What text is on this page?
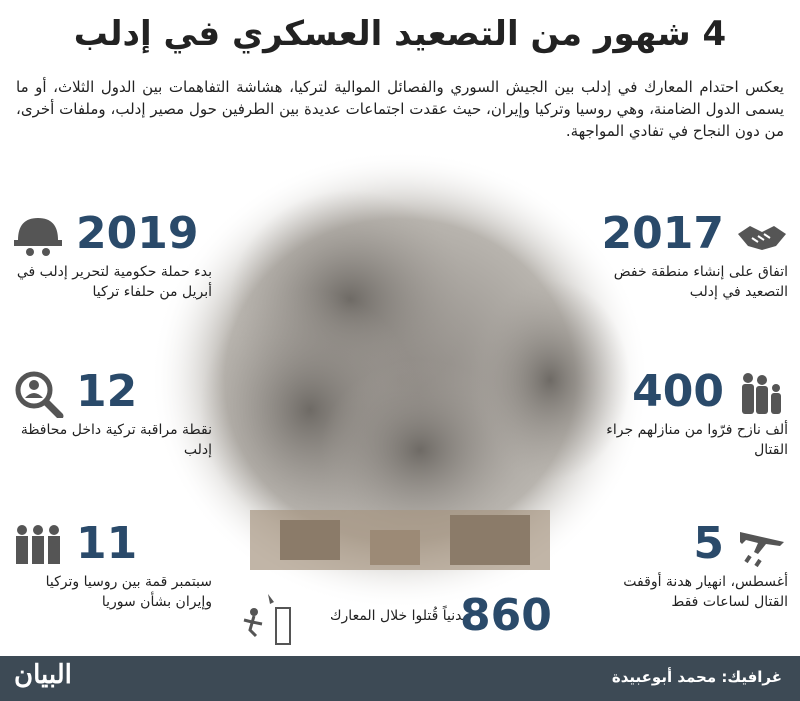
4 شهور من التصعيد العسكري في إدلب

يعكس احتدام المعارك في إدلب بين الجيش السوري والفصائل الموالية لتركيا، هشاشة التفاهمات بين الدول الثلاث، أو ما يسمى الدول الضامنة، وهي روسيا وتركيا وإيران، حيث عقدت اجتماعات عديدة بين الطرفين حول مصير إدلب، وملفات أخرى، من دون النجاح في تفادي المواجهة.

2019
بدء حملة حكومية لتحرير إدلب في أبريل من حلفاء تركيا
2017
اتفاق على إنشاء منطقة خفض التصعيد في إدلب
12
نقطة مراقبة تركية داخل محافظة إدلب
400
ألف نازح فرّوا من منازلهم جراء القتال
11
سبتمبر قمة بين روسيا وتركيا وإيران بشأن سوريا
5
أغسطس، انهيار هدنة أوقفت القتال لساعات فقط
مدنياً قُتلوا خلال المعارك
860
غرافيك: محمد أبوعبيدة
البيان
